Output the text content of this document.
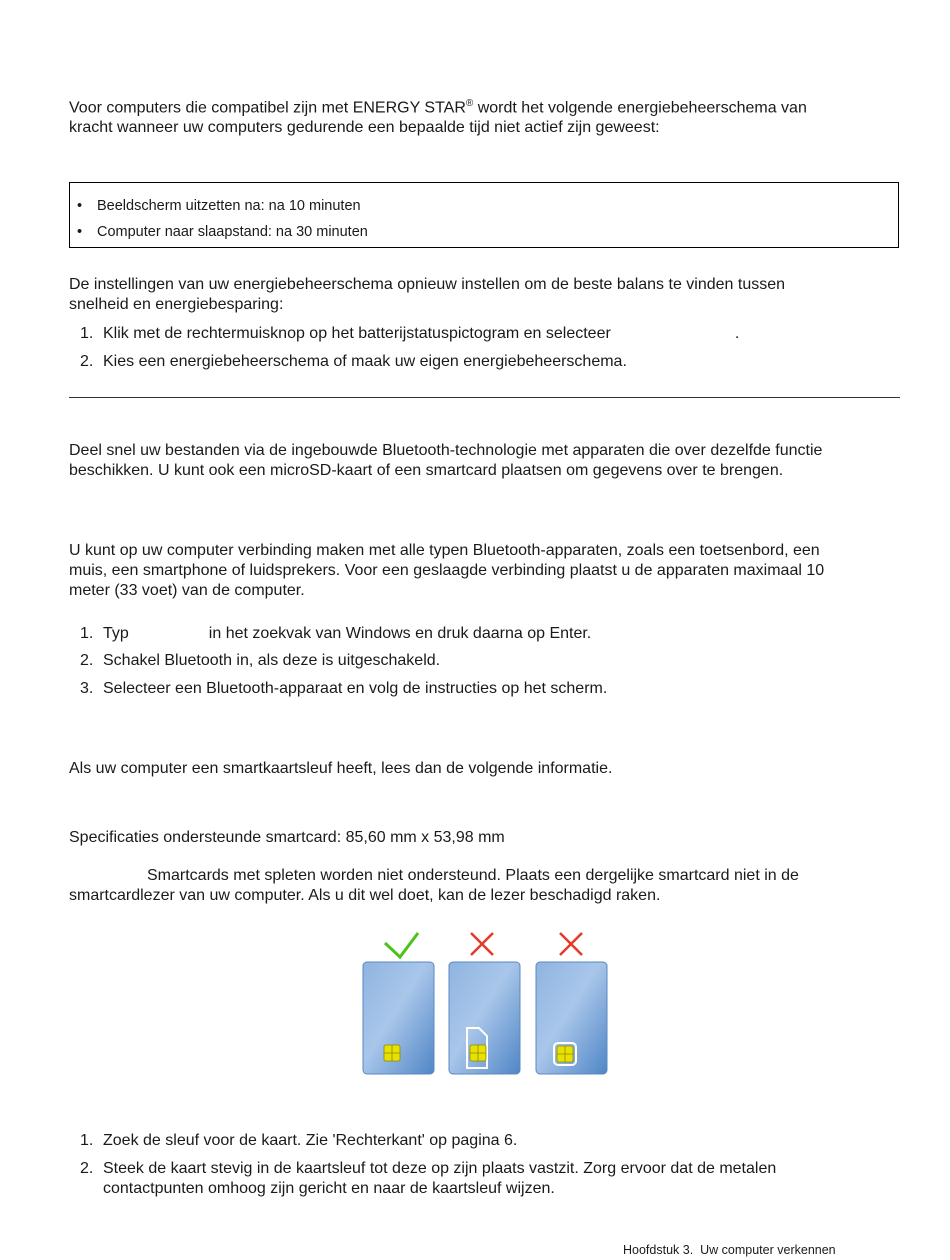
Voor computers die compatibel zijn met ENERGY STAR® wordt het volgende energiebeheerschema van
kracht wanneer uw computers gedurende een bepaalde tijd niet actief zijn geweest:

• Beeldscherm uitzetten na: na 10 minuten
• Computer naar slaapstand: na 30 minuten

De instellingen van uw energiebeheerschema opnieuw instellen om de beste balans te vinden tussen
snelheid en energiebesparing:

1. Klik met de rechtermuisknop op het batterijstatuspictogram en selecteer	.
2. Kies een energiebeheerschema of maak uw eigen energiebeheerschema.

Deel snel uw bestanden via de ingebouwde Bluetooth-technologie met apparaten die over dezelfde functie
beschikken. U kunt ook een microSD-kaart of een smartcard plaatsen om gegevens over te brengen.

U kunt op uw computer verbinding maken met alle typen Bluetooth-apparaten, zoals een toetsenbord, een
muis, een smartphone of luidsprekers. Voor een geslaagde verbinding plaatst u de apparaten maximaal 10
meter (33 voet) van de computer.

1. Typ	in het zoekvak van Windows en druk daarna op Enter.
2. Schakel Bluetooth in, als deze is uitgeschakeld.
3. Selecteer een Bluetooth-apparaat en volg de instructies op het scherm.

Als uw computer een smartkaartsleuf heeft, lees dan de volgende informatie.

Specificaties ondersteunde smartcard: 85,60 mm x 53,98 mm

Smartcards met spleten worden niet ondersteund. Plaats een dergelijke smartcard niet in de
smartcardlezer van uw computer. Als u dit wel doet, kan de lezer beschadigd raken.

1. Zoek de sleuf voor de kaart. Zie 'Rechterkant' op pagina 6.
2. Steek de kaart stevig in de kaartsleuf tot deze op zijn plaats vastzit. Zorg ervoor dat de metalen
contactpunten omhoog zijn gericht en naar de kaartsleuf wijzen.
Hoofdstuk 3.  Uw computer verkennen
